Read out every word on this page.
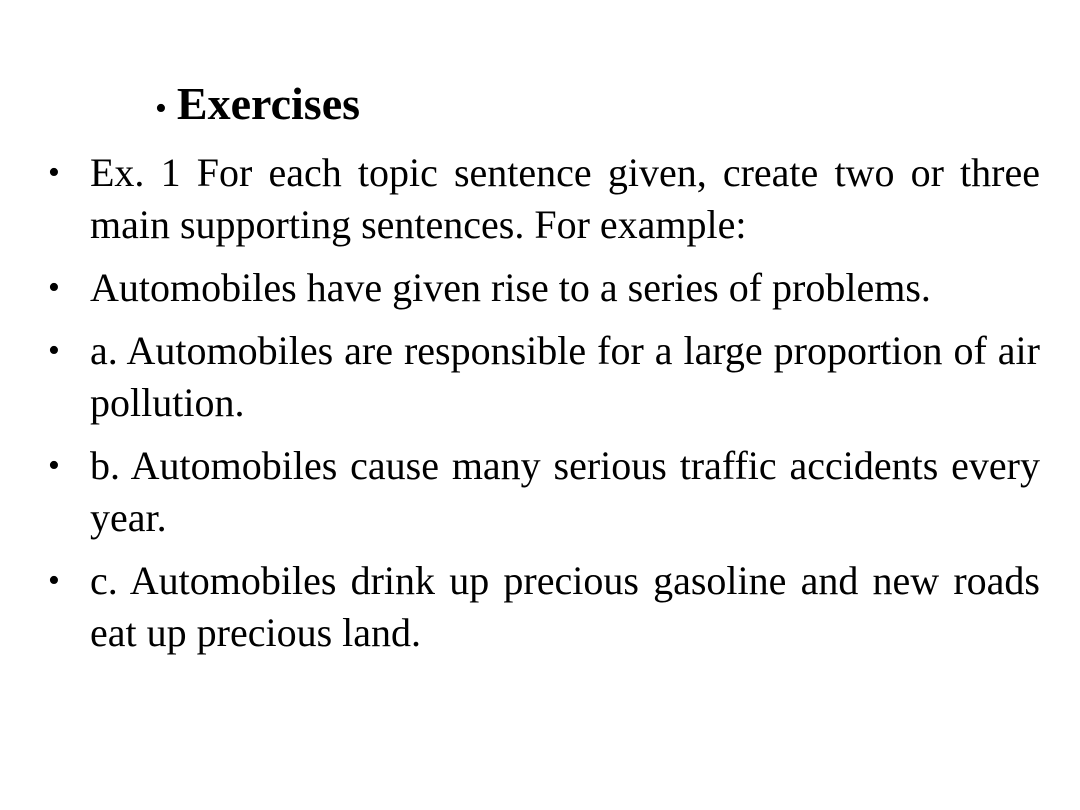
• Exercises
• Ex. 1 For each topic sentence given, create two or three main supporting sentences. For example:
• Automobiles have given rise to a series of problems.
• a. Automobiles are responsible for a large proportion of air pollution.
• b. Automobiles cause many serious traffic accidents every year.
• c. Automobiles drink up precious gasoline and new roads eat up precious land.
